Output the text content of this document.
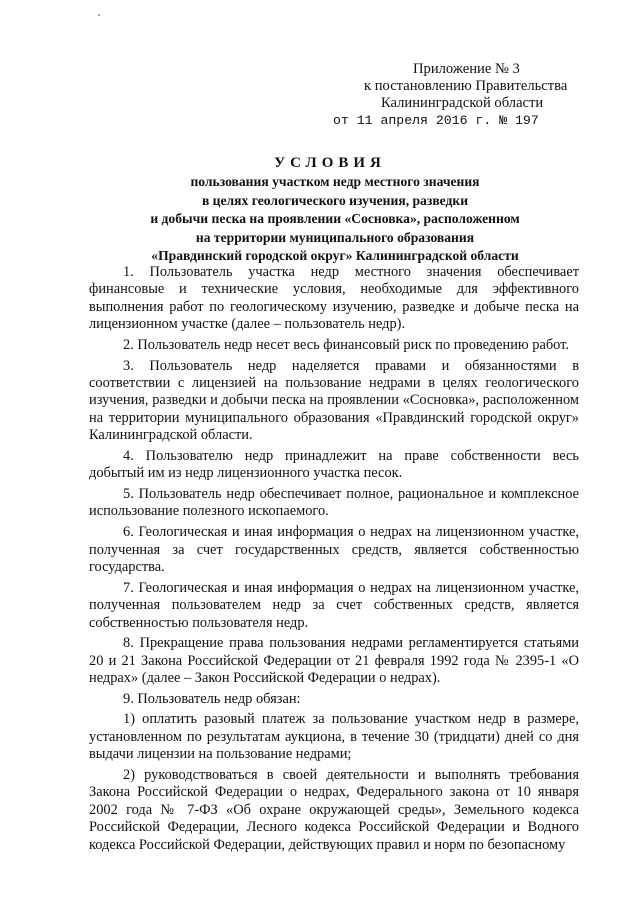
Приложение № 3
к постановлению Правительства
Калининградской области
от 11 апреля 2016 г. № 197
УСЛОВИЯ
пользования участком недр местного значения
в целях геологического изучения, разведки
и добычи песка на проявлении «Сосновка», расположенном
на территории муниципального образования
«Правдинский городской округ» Калининградской области

1. Пользователь участка недр местного значения обеспечивает финансовые и технические условия, необходимые для эффективного выполнения работ по геологическому изучению, разведке и добыче песка на лицензионном участке (далее – пользователь недр).

2. Пользователь недр несет весь финансовый риск по проведению работ.

3. Пользователь недр наделяется правами и обязанностями в соответствии с лицензией на пользование недрами в целях геологического изучения, разведки и добычи песка на проявлении «Сосновка», расположенном на территории муниципального образования «Правдинский городской округ» Калининградской области.

4. Пользователю недр принадлежит на праве собственности весь добытый им из недр лицензионного участка песок.

5. Пользователь недр обеспечивает полное, рациональное и комплексное использование полезного ископаемого.

6. Геологическая и иная информация о недрах на лицензионном участке, полученная за счет государственных средств, является собственностью государства.

7. Геологическая и иная информация о недрах на лицензионном участке, полученная пользователем недр за счет собственных средств, является собственностью пользователя недр.

8. Прекращение права пользования недрами регламентируется статьями 20 и 21 Закона Российской Федерации от 21 февраля 1992 года № 2395-1 «О недрах» (далее – Закон Российской Федерации о недрах).

9. Пользователь недр обязан:

1) оплатить разовый платеж за пользование участком недр в размере, установленном по результатам аукциона, в течение 30 (тридцати) дней со дня выдачи лицензии на пользование недрами;

2) руководствоваться в своей деятельности и выполнять требования Закона Российской Федерации о недрах, Федерального закона от 10 января 2002 года № 7-ФЗ «Об охране окружающей среды», Земельного кодекса Российской Федерации, Лесного кодекса Российской Федерации и Водного кодекса Российской Федерации, действующих правил и норм по безопасному
